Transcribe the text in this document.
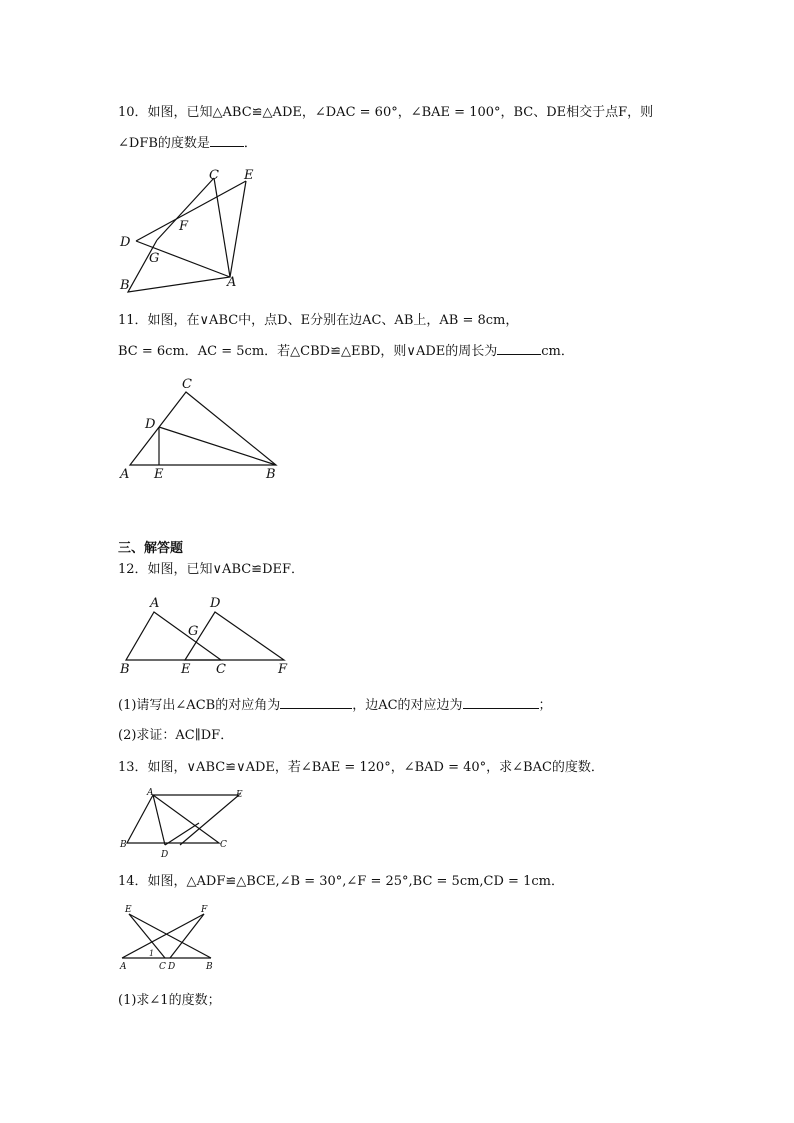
10．如图，已知△ABC≌△ADE，∠DAC = 60°，∠BAE = 100°，BC、DE相交于点F，则
∠DFB的度数是	．
C E
F
D
G
B	A
11．如图，在∨ABC中，点D、E分别在边AC、AB上，AB = 8cm，
BC = 6cm．AC = 5cm．若△CBD≌△EBD，则∨ADE的周长为	cm．
C
D
A E	B
三、解答题
12．如图，已知∨ABC≌DEF．
A	D
G
B	E C	F
(1)请写出∠ACB的对应角为	，边AC的对应边为	；
(2)求证：AC∥DF．
13．如图，∨ABC≌∨ADE，若∠BAE = 120°，∠BAD = 40°，求∠BAC的度数．
A	E
B	C
D
14．如图，△ADF≌△BCE,∠B = 30°,∠F = 25°,BC = 5cm,CD = 1cm．
E	F
A
1
C D	B
(1)求∠1的度数；
